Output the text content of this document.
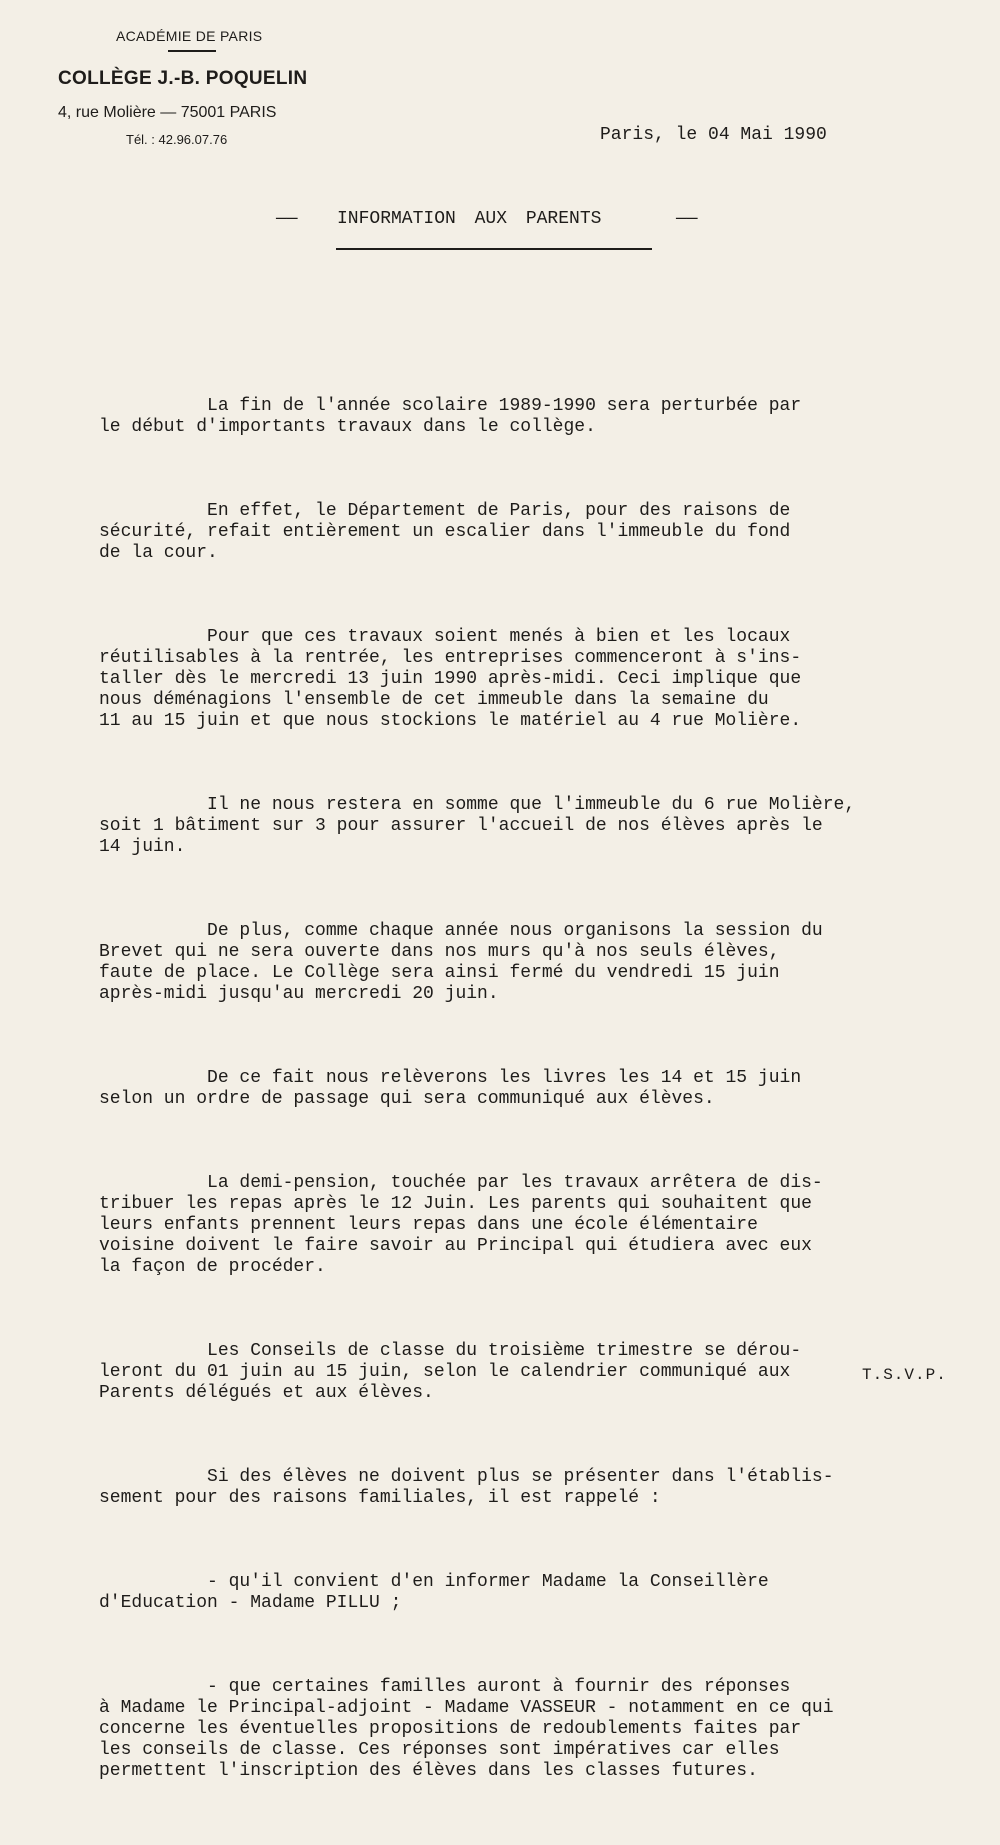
ACADÉMIE DE PARIS
COLLÈGE J.-B. POQUELIN
4, rue Molière — 75001 PARIS
Tél. : 42.96.07.76	Paris, le 04 Mai 1990
—— INFORMATION AUX PARENTS	——

La fin de l'année scolaire 1989-1990 sera perturbée par
le début d'importants travaux dans le collège.

En effet, le Département de Paris, pour des raisons de
sécurité, refait entièrement un escalier dans l'immeuble du fond
de la cour.

Pour que ces travaux soient menés à bien et les locaux
réutilisables à la rentrée, les entreprises commenceront à s'ins-
taller dès le mercredi 13 juin 1990 après-midi. Ceci implique que
nous déménagions l'ensemble de cet immeuble dans la semaine du
11 au 15 juin et que nous stockions le matériel au 4 rue Molière.

Il ne nous restera en somme que l'immeuble du 6 rue Molière,
soit 1 bâtiment sur 3 pour assurer l'accueil de nos élèves après le
14 juin.

De plus, comme chaque année nous organisons la session du
Brevet qui ne sera ouverte dans nos murs qu'à nos seuls élèves,
faute de place. Le Collège sera ainsi fermé du vendredi 15 juin
après-midi jusqu'au mercredi 20 juin.

De ce fait nous relèverons les livres les 14 et 15 juin
selon un ordre de passage qui sera communiqué aux élèves.

La demi-pension, touchée par les travaux arrêtera de dis-
tribuer les repas après le 12 Juin. Les parents qui souhaitent que
leurs enfants prennent leurs repas dans une école élémentaire
voisine doivent le faire savoir au Principal qui étudiera avec eux
la façon de procéder.

Les Conseils de classe du troisième trimestre se dérou-
leront du 01 juin au 15 juin, selon le calendrier communiqué aux
Parents délégués et aux élèves.

Si des élèves ne doivent plus se présenter dans l'établis-
sement pour des raisons familiales, il est rappelé :

- qu'il convient d'en informer Madame la Conseillère
d'Education - Madame PILLU ;

- que certaines familles auront à fournir des réponses
à Madame le Principal-adjoint - Madame VASSEUR - notamment en ce qui
concerne les éventuelles propositions de redoublements faites par
les conseils de classe. Ces réponses sont impératives car elles
permettent l'inscription des élèves dans les classes futures.

T.S.V.P.
